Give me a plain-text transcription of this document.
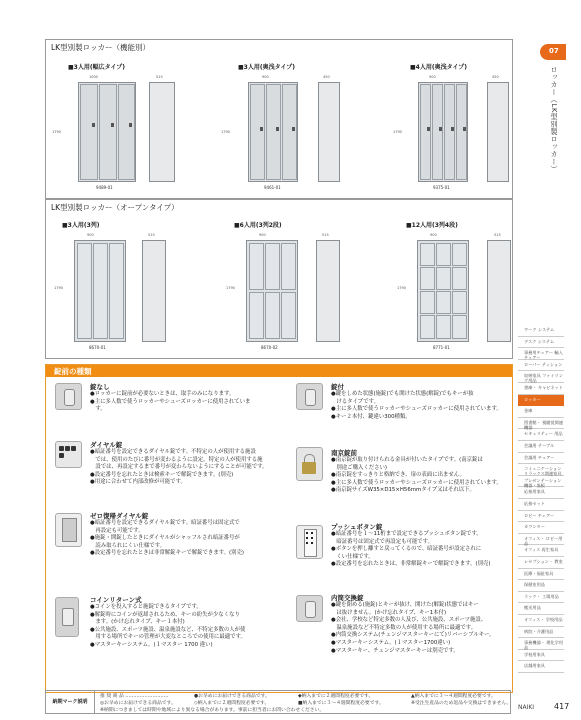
LK型別製ロッカー（機能別）
■3人用(幅広タイプ)	■3人用(奥浅タイプ)	■4人用(奥浅タイプ)
1000	515
1790
9489-01
900	450
1790
9461-01
900	450
1790
9375-01
LK型別製ロッカー（オープンタイプ）
■3人用(3列)	■6人用(3列2段)	■12人用(3列4段)
900	515
1790
8670-01
900	515
1790
8670-02
900	515
1790
8771-01
錠前の種類
錠なし
●ロッカーに錠前が必要ないときは、取手のみになります。
●主に多人数で使うロッカーやシューズロッカーに使用されていま
　す。
ダイヤル錠
●暗証番号を設定できるダイヤル錠です。不特定の人が使用する施設
　では、使用のたびに番号が変わるように設定。特定の人が使用する施
　設では、再設定するまで番号が変わらないようにすることが可能です。
●設定番号を忘れたときは検索キーで解錠できます。(別売)
●用途に合わせて内部改修が可能です。
ゼロ復帰ダイヤル錠
●暗証番号を設定できるダイヤル錠です。暗証番号は固定式で
　再設定も可能です。
●施錠・開錠したときにダイヤルがシャッフルされ暗証番号が
　読み取られにくい仕様です。
●設定番号を忘れたときは非常解錠キーで解錠できます。(別売)
コインリターン式
●コインを投入すると施錠できるタイプです。
●解錠時にコインが返却されるため、キーの紛失が少なくなり
　ます。(かけ忘れタイプ、キー１本付)
●公共施設、スポーツ施設、温泉施設など、不特定多数の人が使
　用する場所でキーの管理が大変なところでの使用に最適です。
●マスターキーシステム。(１マスター 1700 違い)
錠付
●鍵をしめた状態(施錠)でも開けた状態(解錠)でもキーが抜
　けるタイプです。
●主に多人数で使うロッカーやシューズロッカーに使用されています。
●キー２本付、鍵違い300種類。
南京錠前
●南京錠が取り付けられる金具が付いたタイプです。(南京錠は
　別途ご購入ください)
●南京錠をすっきりと格納でき、扉の表面に出ません。
●主に多人数で使うロッカーやシューズロッカーに使用されています。
●南京錠サイズW35×D15×H56mmタイプ又はそれ以下。
プッシュボタン錠
●暗証番号を１～11桁まで設定できるプッシュボタン錠です。
　暗証番号は固定式で再設定も可能です。
●ボタンを押し離すと戻ってくるので、暗証番号が設定されに
　くい仕様です。
●設定番号を忘れたときは、非常解錠キーで解錠できます。(別売)
内筒交換錠
●鍵を閉める(施錠)とキーが抜け、開けた(解錠)状態ではキー
　は抜けません。(かけ忘れタイプ、キー1本付)
●会社、学校など特定多数の人及び、公共施設、スポーツ施設、
　温泉施設など不特定多数の人が使用する場所に最適です。
●内筒交換システム(チェンジマスターキーにて)リバーシブルキー。
●マスターキーシステム。(１マスター1700違い)
●マスターキー、チェンジマスターキーは別売です。
納期マーク説明
推 奨 商 品 ………………………	●お早めにお届けできる商品です。	◆納入までに２週間程度必要です。	▲納入までに３～４週間程度必要です。
◎お早めにお届けできる商品です。	◇納入までに２週間程度必要です。	■納入までに３～４週間程度必要です。	※受注生産品のため返品や交換はできません。
※納期につきましては時期や地域により異なる場合があります。事前に担当者にお問い合わせください。
07
ロッカー（LK型別製ロッカー）
ワーク システム
デスク システム
事務用チェアー 輸入チェアー
ローパー ティション
収納家具 ファイリング用品
書庫・ キャビネット
ロッカー
金庫
図書館・ 視聴覚関連機器
セキュリティー 用品
会議用 テーブル
会議用 チェアー
コミュニケーション リラックス関連家具
プレゼンテーション 機器・黒板
応接用家具
応接セット
ロビー チェアー
カウンター
オフィス・ ロビー用品
オフィス 再生家具
レセプション・ 教室
医療・福祉家具
保健室用品
ラック・ 工場用品
搬送用品
オフィス・ 学校用品
病院・介護用品
事務機器・ 理化学用品
学校用家具
店舗用家具
NAIKI 417
